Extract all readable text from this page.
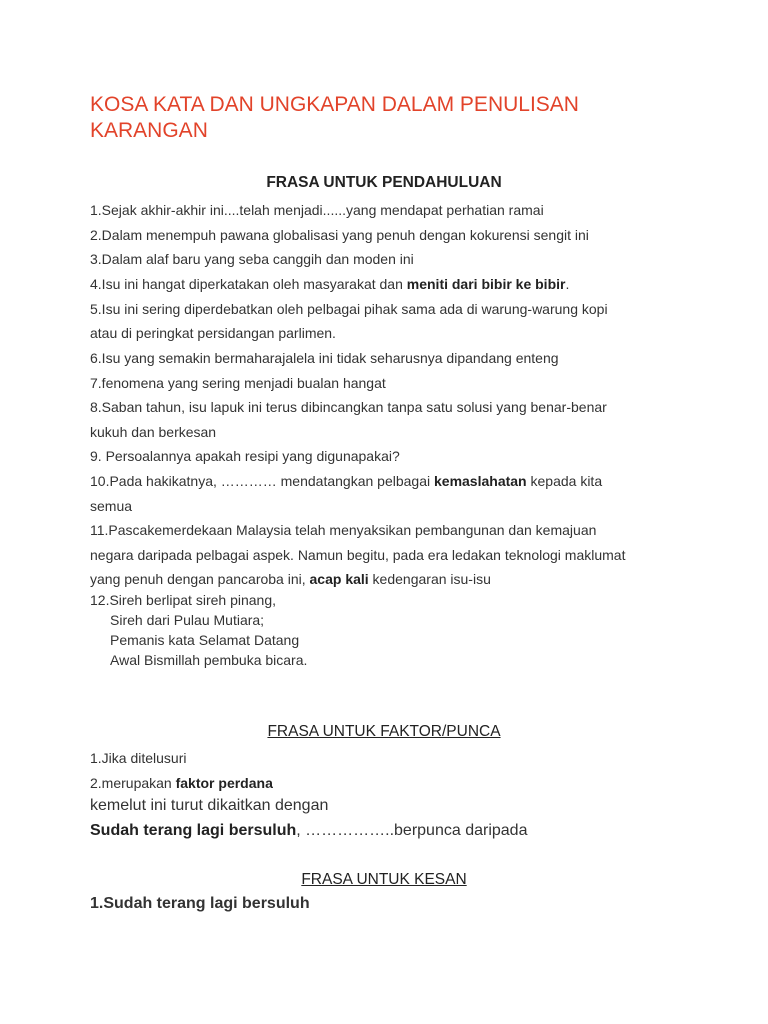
KOSA KATA DAN UNGKAPAN DALAM PENULISAN KARANGAN
FRASA UNTUK PENDAHULUAN
1.Sejak akhir-akhir ini....telah menjadi......yang mendapat perhatian ramai
2.Dalam menempuh pawana globalisasi yang penuh dengan kokurensi sengit ini
3.Dalam alaf baru yang seba canggih dan moden ini
4.Isu ini hangat diperkatakan oleh masyarakat dan meniti dari bibir ke bibir.
5.Isu ini sering diperdebatkan oleh pelbagai pihak sama ada di warung-warung kopi
atau di peringkat persidangan parlimen.
6.Isu yang semakin bermaharajalela ini tidak seharusnya dipandang enteng
7.fenomena yang sering menjadi bualan hangat
8.Saban tahun, isu lapuk ini terus dibincangkan tanpa satu solusi yang benar-benar
kukuh dan berkesan
9. Persoalannya apakah resipi yang digunapakai?
10.Pada hakikatnya, ………… mendatangkan pelbagai kemaslahatan kepada kita
semua
11.Pascakemerdekaan Malaysia telah menyaksikan pembangunan dan kemajuan
negara daripada pelbagai aspek. Namun begitu, pada era ledakan teknologi maklumat
yang penuh dengan pancaroba ini, acap kali kedengaran isu-isu
12.Sireh berlipat sireh pinang,
Sireh dari Pulau Mutiara;
Pemanis kata Selamat Datang
Awal Bismillah pembuka bicara.
FRASA UNTUK FAKTOR/PUNCA
1.Jika ditelusuri
2.merupakan faktor perdana
kemelut ini turut dikaitkan dengan
Sudah terang lagi bersuluh, ……………..berpunca daripada
FRASA UNTUK KESAN
1.Sudah terang lagi bersuluh
